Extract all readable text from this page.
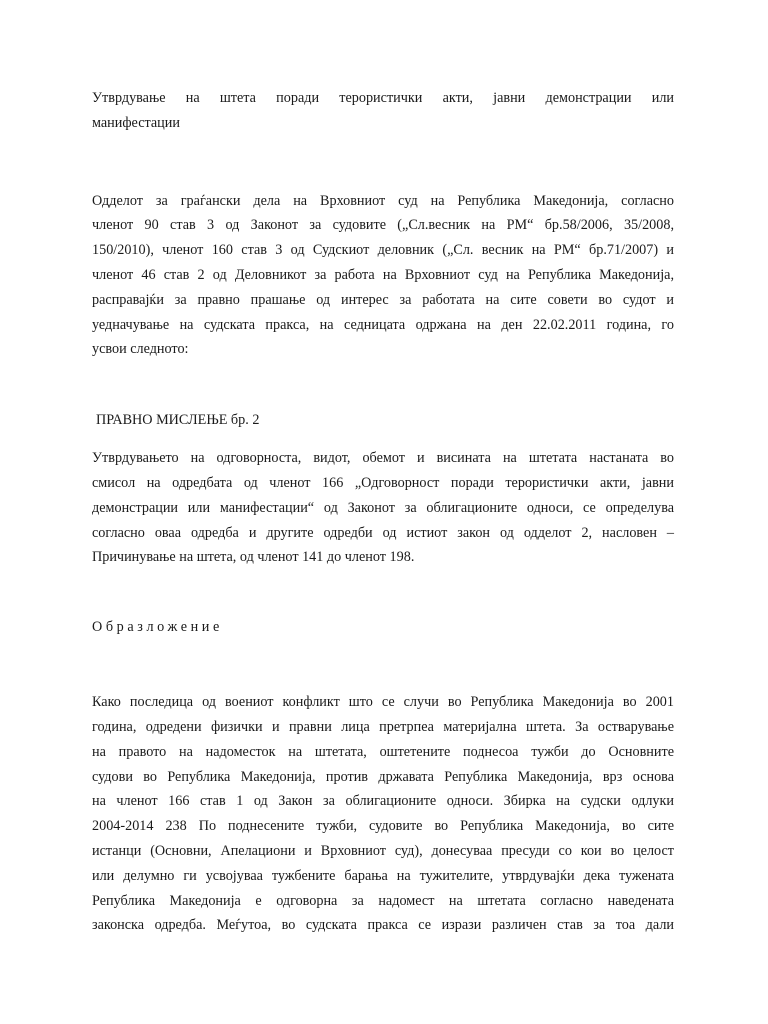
Утврдување на штета поради терористички акти, јавни демонстрации или
манифестации
Одделот за граѓански дела на Врховниот суд на Република Македонија, согласно
членот 90 став 3 од Законот за судовите („Сл.весник на РМ“ бр.58/2006, 35/2008,
150/2010), членот 160 став 3 од Судскиот деловник („Сл. весник на РМ“ бр.71/2007) и
членот 46 став 2 од Деловникот за работа на Врховниот суд на Република Македонија,
расправајќи за правно прашање од интерес за работата на сите совети во судот и
уедначување на судската пракса, на седницата одржана на ден 22.02.2011 година, го
усвои следното:
ПРАВНО МИСЛЕЊЕ бр. 2
Утврдувањето на одговорноста, видот, обемот и висината на штетата настаната во
смисол на одредбата од членот 166 „Одговорност поради терористички акти, јавни
демонстрации или манифестации“ од Законот за облигационите односи, се определува
согласно оваа одредба и другите одредби од истиот закон од одделот 2, насловен –
Причинување на штета, од членот 141 до членот 198.
Образложение
Како последица од воениот конфликт што се случи во Република Македонија во 2001
година, одредени физички и правни лица претрпеа материјална штета. За остварување
на правото на надоместок на штетата, оштетените поднесоа тужби до Основните
судови во Република Македонија, против државата Република Македонија, врз основа
на членот 166 став 1 од Закон за облигационите односи. Збирка на судски одлуки
2004-2014 238 По поднесените тужби, судовите во Република Македонија, во сите
истанци (Основни, Апелациони и Врховниот суд), донесуваа пресуди со кои во целост
или делумно ги усвојуваа тужбените барања на тужителите, утврдувајќи дека тужената
Република Македонија е одговорна за надомест на штетата согласно наведената
законска одредба. Меѓутоа, во судската пракса се изрази различен став за тоа дали
